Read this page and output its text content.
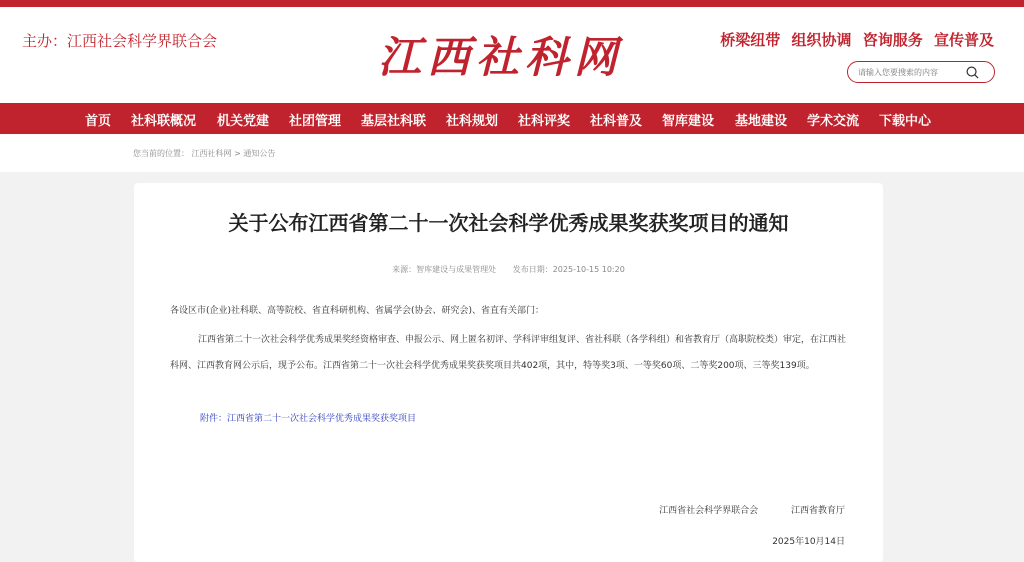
主办：江西社会科学界联合会	江西社科网	桥梁纽带 组织协调 咨询服务 宣传普及
请输入您要搜索的内容
首页 社科联概况 机关党建 社团管理 基层社科联 社科规划 社科评奖 社科普及 智库建设 基地建设 学术交流 下载中心
您当前的位置： 江西社科网 > 通知公告
关于公布江西省第二十一次社会科学优秀成果奖获奖项目的通知
来源：智库建设与成果管理处 发布日期：2025-10-15 10:20
各设区市(企业)社科联、高等院校、省直科研机构、省属学会(协会、研究会)、省直有关部门：
江西省第二十一次社会科学优秀成果奖经资格审查、申报公示、网上匿名初评、学科评审组复评、省社科联（各学科组）和省教育厅（高职院校类）审定，在江西社科网、江西教育网公示后，现予公布。江西省第二十一次社会科学优秀成果奖获奖项目共402项，其中，特等奖3项、一等奖60项、二等奖200项、三等奖139项。
附件：江西省第二十一次社会科学优秀成果奖获奖项目
江西省社会科学界联合会	江西省教育厅
2025年10月14日
